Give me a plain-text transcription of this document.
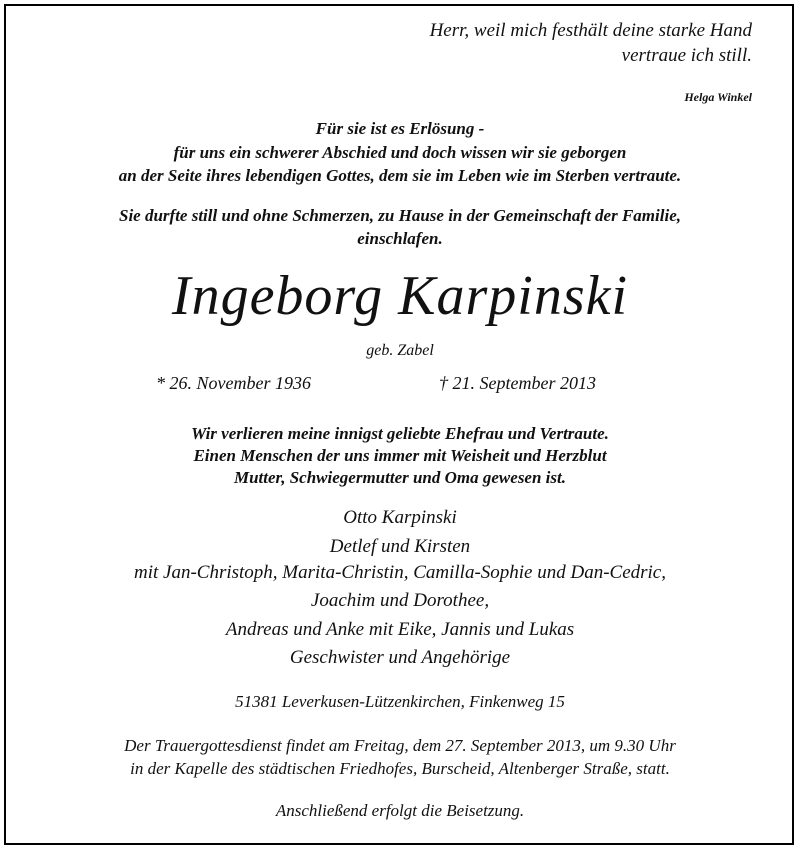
Herr, weil mich festhält deine starke Hand

vertraue ich still.

Helga Winkel

Für sie ist es Erlösung -

für uns ein schwerer Abschied und doch wissen wir sie geborgen

an der Seite ihres lebendigen Gottes, dem sie im Leben wie im Sterben vertraute.

Sie durfte still und ohne Schmerzen, zu Hause in der Gemeinschaft der Familie,

einschlafen.

Ingeborg Karpinski

geb. Zabel

* 26. November 1936	† 21. September 2013

Wir verlieren meine innigst geliebte Ehefrau und Vertraute.

Einen Menschen der uns immer mit Weisheit und Herzblut

Mutter, Schwiegermutter und Oma gewesen ist.

Otto Karpinski

Detlef und Kirsten

mit Jan-Christoph, Marita-Christin, Camilla-Sophie und Dan-Cedric,

Joachim und Dorothee,

Andreas und Anke mit Eike, Jannis und Lukas

Geschwister und Angehörige

51381 Leverkusen-Lützenkirchen, Finkenweg 15

Der Trauergottesdienst findet am Freitag, dem 27. September 2013, um 9.30 Uhr

in der Kapelle des städtischen Friedhofes, Burscheid, Altenberger Straße, statt.

Anschließend erfolgt die Beisetzung.
